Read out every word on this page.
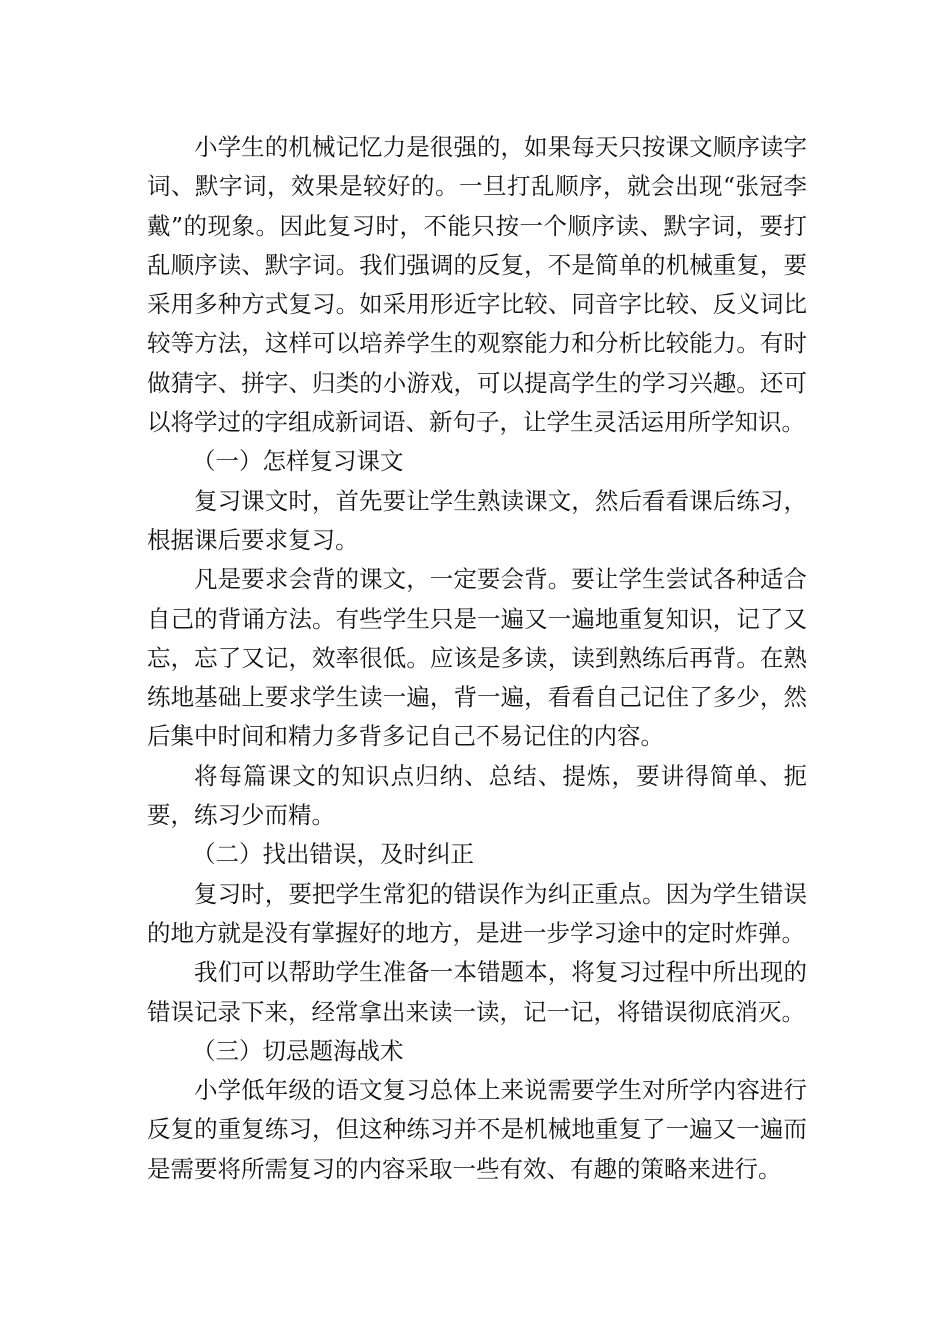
小学生的机械记忆力是很强的，如果每天只按课文顺序读字词、默字词，效果是较好的。一旦打乱顺序，就会出现“张冠李戴”的现象。因此复习时，不能只按一个顺序读、默字词，要打乱顺序读、默字词。我们强调的反复，不是简单的机械重复，要采用多种方式复习。如采用形近字比较、同音字比较、反义词比较等方法，这样可以培养学生的观察能力和分析比较能力。有时做猜字、拼字、归类的小游戏，可以提高学生的学习兴趣。还可以将学过的字组成新词语、新句子，让学生灵活运用所学知识。

（一）怎样复习课文

复习课文时，首先要让学生熟读课文，然后看看课后练习，根据课后要求复习。

凡是要求会背的课文，一定要会背。要让学生尝试各种适合自己的背诵方法。有些学生只是一遍又一遍地重复知识，记了又忘，忘了又记，效率很低。应该是多读，读到熟练后再背。在熟练地基础上要求学生读一遍，背一遍，看看自己记住了多少，然后集中时间和精力多背多记自己不易记住的内容。

将每篇课文的知识点归纳、总结、提炼，要讲得简单、扼要，练习少而精。

（二）找出错误，及时纠正

复习时，要把学生常犯的错误作为纠正重点。因为学生错误的地方就是没有掌握好的地方，是进一步学习途中的定时炸弹。

我们可以帮助学生准备一本错题本，将复习过程中所出现的错误记录下来，经常拿出来读一读，记一记，将错误彻底消灭。

（三）切忌题海战术

小学低年级的语文复习总体上来说需要学生对所学内容进行反复的重复练习，但这种练习并不是机械地重复了一遍又一遍而是需要将所需复习的内容采取一些有效、有趣的策略来进行。
